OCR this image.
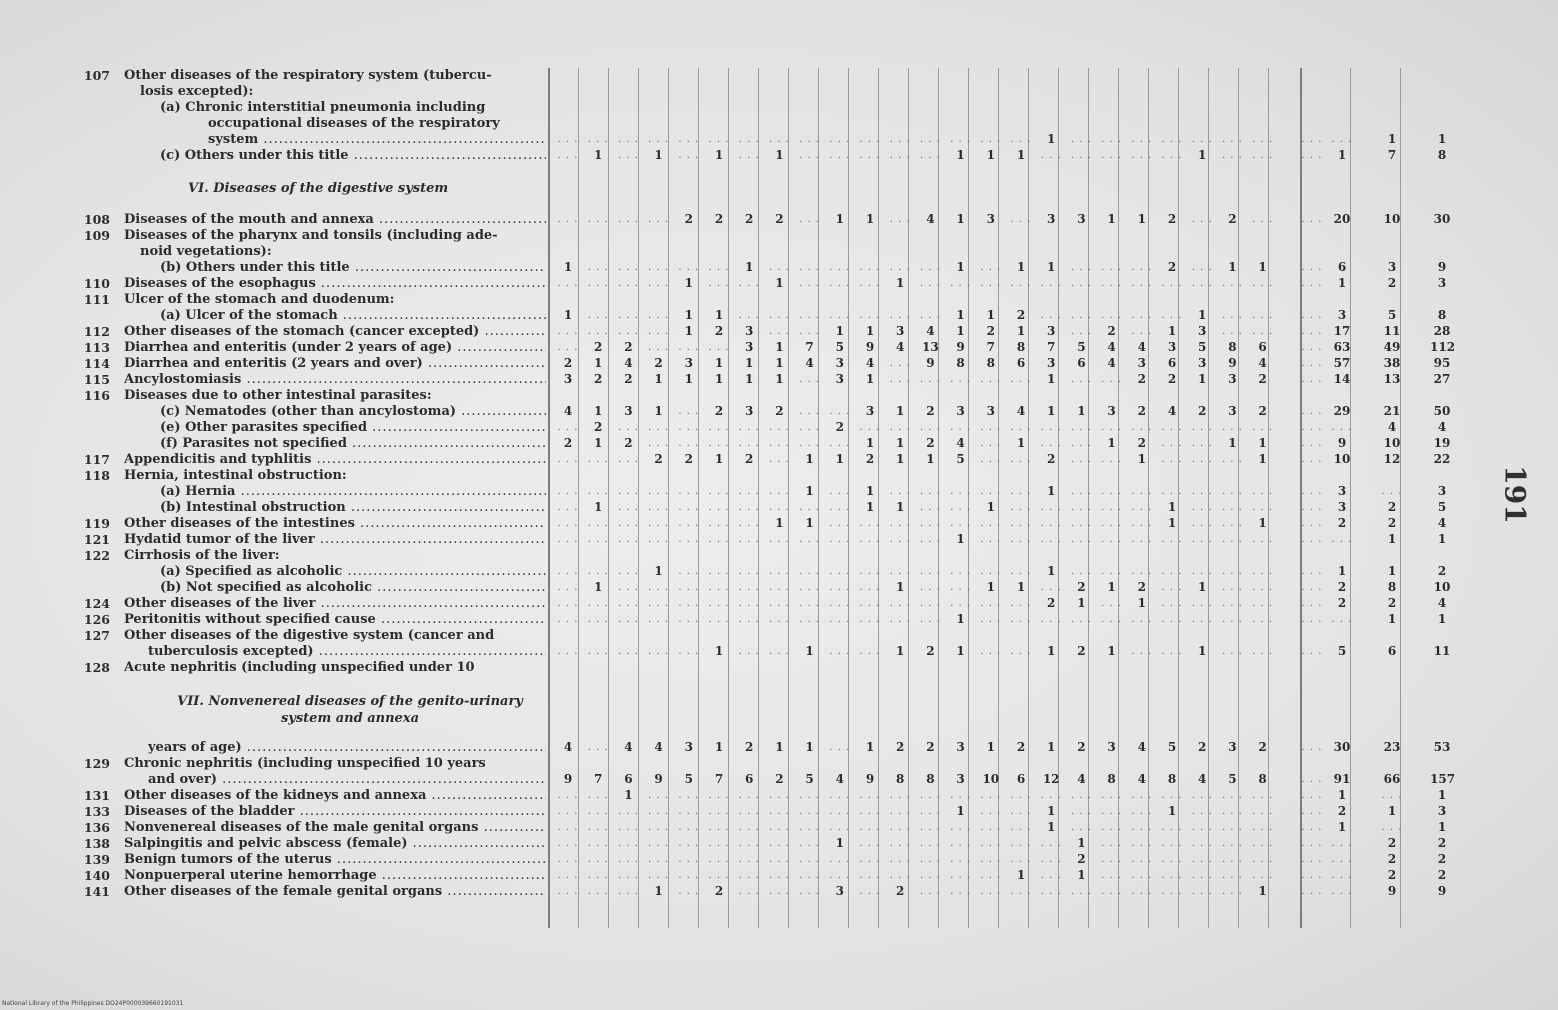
107 Other diseases of the respiratory system (tubercu-
losis excepted):
(a) Chronic interstitial pneumonia including
occupational diseases of the respiratory
system .....	. . . . . . . . . . . . . . . . . . . . . . . . . . . . . . . . . . . . . . . . . . . . . . . .	1	. . . . . . . . . . . . . . . . . . . . .	. . . . . .	1	1
(c) Others under this title .....	. . .	1	. . .	1	. . .	1	. . .	1	. . . . . . . . . . . . . . .	1	1	1	. . . . . . . . . . . . . . .	1	. . . . . .	. . .	1	7	8
108 Diseases of the mouth and annexa .....	. . . . . . . . . . . .	2	2	2	2	. . .	1	1	. . .	4	1	3	. . .	3	3	1	1	2	. . .	2	. . .	. . . 20	10	30
109 Diseases of the pharynx and tonsils (including ade-
noid vegetations):
(b) Others under this title .....	1	. . . . . . . . . . . . . . .	1	. . . . . . . . . . . . . . . . . .	1	. . .	1	1	. . . . . . . . .	2	. . .	1	1	. . .	6	3	9
110 Diseases of the esophagus .....	. . . . . . . . . . . .	1	. . . . . .	1	. . . . . . . . .	1	. . . . . . . . . . . . . . . . . . . . . . . . . . . . . . . . . . . .	. . .	1	2	3
111 Ulcer of the stomach and duodenum:
(a) Ulcer of the stomach .....	1	. . . . . . . . .	1	1	. . . . . . . . . . . . . . . . . . . . .	1	1	2	. . . . . . . . . . . . . . .	1	. . . . . .	. . .	3	5	8
112 Other diseases of the stomach (cancer excepted) .....	. . . . . . . . . . . .	1	2	3	. . . . . .	1	1	3	4	1	2	1	3	. . .	2	. . .	1	3	. . . . . .	. . . 17	11	28
113 Diarrhea and enteritis (under 2 years of age) .....	. . .	2	2	. . . . . . . . .	3	1	7	5	9	4	13	9	7	8	7	5	4	4	3	5	8	6	. . . 63	49	112
114 Diarrhea and enteritis (2 years and over) .....	2	1	4	2	3	1	1	1	4	3	4	. . .	9	8	8	6	3	6	4	3	6	3	9	4	. . . 57	38	95
115 Ancylostomiasis .....	3	2	2	1	1	1	1	1	. . .	3	1	. . . . . . . . . . . . . . .	1	. . . . . .	2	2	1	3	2	. . . 14	13	27
116 Diseases due to other intestinal parasites:
(c) Nematodes (other than ancylostoma) .....	4	1	3	1	. . .	2	3	2	. . . . . .	3	1	2	3	3	4	1	1	3	2	4	2	3	2	. . . 29	21	50
(e) Other parasites specified .....	. . .	2	. . . . . . . . . . . . . . . . . . . . .	2	. . . . . . . . . . . . . . . . . . . . . . . . . . . . . . . . . . . . . . . . . .	. . . . . .	4	4
(f) Parasites not specified .....	2	1	2	. . . . . . . . . . . . . . . . . . . . .	1	1	2	4	. . .	1	. . . . . .	1	2	. . . . . .	1	1	. . .	9	10	19
117 Appendicitis and typhlitis .....	. . . . . . . . .	2	2	1	2	. . .	1	1	2	1	1	5	. . . . . .	2	. . . . . .	1	. . . . . . . . .	1	. . . 10	12	22
118 Hernia, intestinal obstruction:
(a) Hernia .....	. . . . . . . . . . . . . . . . . . . . . . . .	1	. . .	1	. . . . . . . . . . . . . . .	1	. . . . . . . . . . . . . . . . . . . . .	. . .	3	. . .	3
(b) Intestinal obstruction .....	. . .	1	. . . . . . . . . . . . . . . . . . . . . . . .	1	1	. . . . . .	1	. . . . . . . . . . . . . . .	1	. . . . . . . . .	. . .	3	2	5
119 Other diseases of the intestines .....	. . . . . . . . . . . . . . . . . . . . .	1	1	. . . . . . . . . . . . . . . . . . . . . . . . . . . . . . . . .	1	. . . . . .	1	. . .	2	2	4
121 Hydatid tumor of the liver .....	. . . . . . . . . . . . . . . . . . . . . . . . . . . . . . . . . . . . . . .	1	. . . . . . . . . . . . . . . . . . . . . . . . . . . . . .	. . . . . .	1	1
122 Cirrhosis of the liver:
(a) Specified as alcoholic .....	. . . . . . . . .	1	. . . . . . . . . . . . . . . . . . . . . . . . . . . . . . . . . . . .	1	. . . . . . . . . . . . . . . . . . . . .	. . .	1	1	2
(b) Not specified as alcoholic .....	. . .	1	. . . . . . . . . . . . . . . . . . . . . . . . . . .	1	. . . . . .	1	1	. . .	2	1	2	. . .	1	. . . . . .	. . .	2	8	10
124 Other diseases of the liver .....	. . . . . . . . . . . . . . . . . . . . . . . . . . . . . . . . . . . . . . . . . . . . . . . .	2	1	. . .	1	. . . . . . . . . . . .	. . .	2	2	4
126 Peritonitis without specified cause .....	. . . . . . . . . . . . . . . . . . . . . . . . . . . . . . . . . . . . . . .	1	. . . . . . . . . . . . . . . . . . . . . . . . . . . . . .	. . . . . .	1	1
127 Other diseases of the digestive system (cancer and
tuberculosis excepted) .....	. . . . . . . . . . . . . . .	1	. . . . . .	1	. . . . . .	1	2	1	. . . . . .	1	2	1	. . . . . .	1	. . . . . .	. . .	5	6	11
128 Acute nephritis (including unspecified under 10
years of age) .....	4	. . .	4	4	3	1	2	1	1	. . .	1	2	2	3	1	2	1	2	3	4	5	2	3	2	. . . 30	23	53
129 Chronic nephritis (including unspecified 10 years
and over) .....	9	7	6	9	5	7	6	2	5	4	9	8	8	3	10	6	12	4	8	4	8	4	5	8	. . . 91	66	157
131 Other diseases of the kidneys and annexa .....	. . . . . .	1	. . . . . . . . . . . . . . . . . . . . . . . . . . . . . . . . . . . . . . . . . . . . . . . . . . . . . . . . . . . . . . .	. . .	1	. . .	1
133 Diseases of the bladder .....	. . . . . . . . . . . . . . . . . . . . . . . . . . . . . . . . . . . . . . .	1	. . . . . .	1	. . . . . . . . .	1	. . . . . . . . .	. . .	2	1	3
136 Nonvenereal diseases of the male genital organs .....	. . . . . . . . . . . . . . . . . . . . . . . . . . . . . . . . . . . . . . . . . . . . . . . .	1	. . . . . . . . . . . . . . . . . . . . .	. . .	1	. . .	1
138 Salpingitis and pelvic abscess (female) .....	. . . . . . . . . . . . . . . . . . . . . . . . . . .	1	. . . . . . . . . . . . . . . . . . . . .	1	. . . . . . . . . . . . . . . . . .	. . . . . .	2	2
139 Benign tumors of the uterus .....	. . . . . . . . . . . . . . . . . . . . . . . . . . . . . . . . . . . . . . . . . . . . . . . . . . .	2	. . . . . . . . . . . . . . . . . .	. . . . . .	2	2
140 Nonpuerperal uterine hemorrhage .....	. . . . . . . . . . . . . . . . . . . . . . . . . . . . . . . . . . . . . . . . . . . . .	1	. . .	1	. . . . . . . . . . . . . . . . . .	. . . . . .	2	2
141 Other diseases of the female genital organs .....	. . . . . . . . .	1	. . .	2	. . . . . . . . .	3	. . .	2	. . . . . . . . . . . . . . . . . . . . . . . . . . . . . . . . .	1	. . . . . .	9	9
VI. Diseases of the digestive system
VII. Nonvenereal diseases of the genito-urinary system and annexa
191
National Library of the Philippines DO24P000039660191031
